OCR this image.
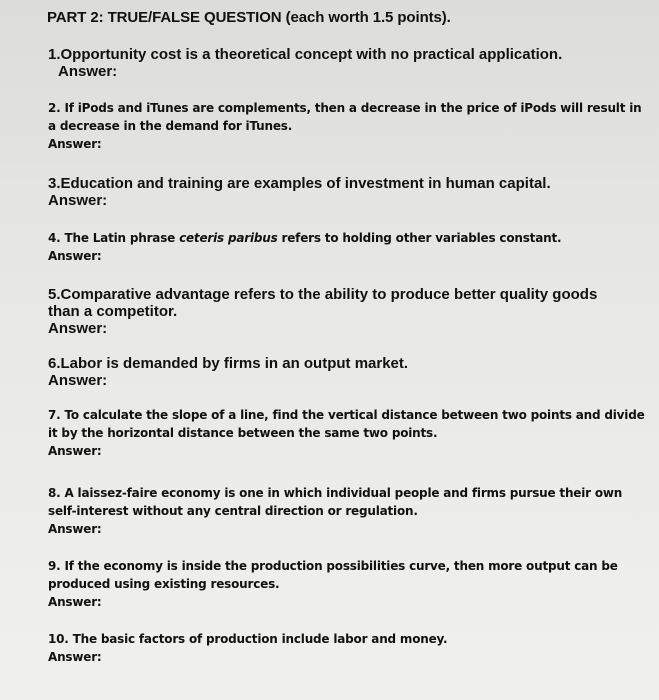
PART 2: TRUE/FALSE QUESTION (each worth 1.5 points).
1.Opportunity cost is a theoretical concept with no practical application.
Answer:
2. If iPods and iTunes are complements, then a decrease in the price of iPods will result in a decrease in the demand for iTunes.
Answer:
3.Education and training are examples of investment in human capital.
Answer:
4. The Latin phrase ceteris paribus refers to holding other variables constant.
Answer:
5.Comparative advantage refers to the ability to produce better quality goods than a competitor.
Answer:
6.Labor is demanded by firms in an output market.
Answer:
7. To calculate the slope of a line, find the vertical distance between two points and divide it by the horizontal distance between the same two points.
Answer:
8. A laissez-faire economy is one in which individual people and firms pursue their own self-interest without any central direction or regulation.
Answer:
9. If the economy is inside the production possibilities curve, then more output can be produced using existing resources.
Answer:
10. The basic factors of production include labor and money.
Answer:
